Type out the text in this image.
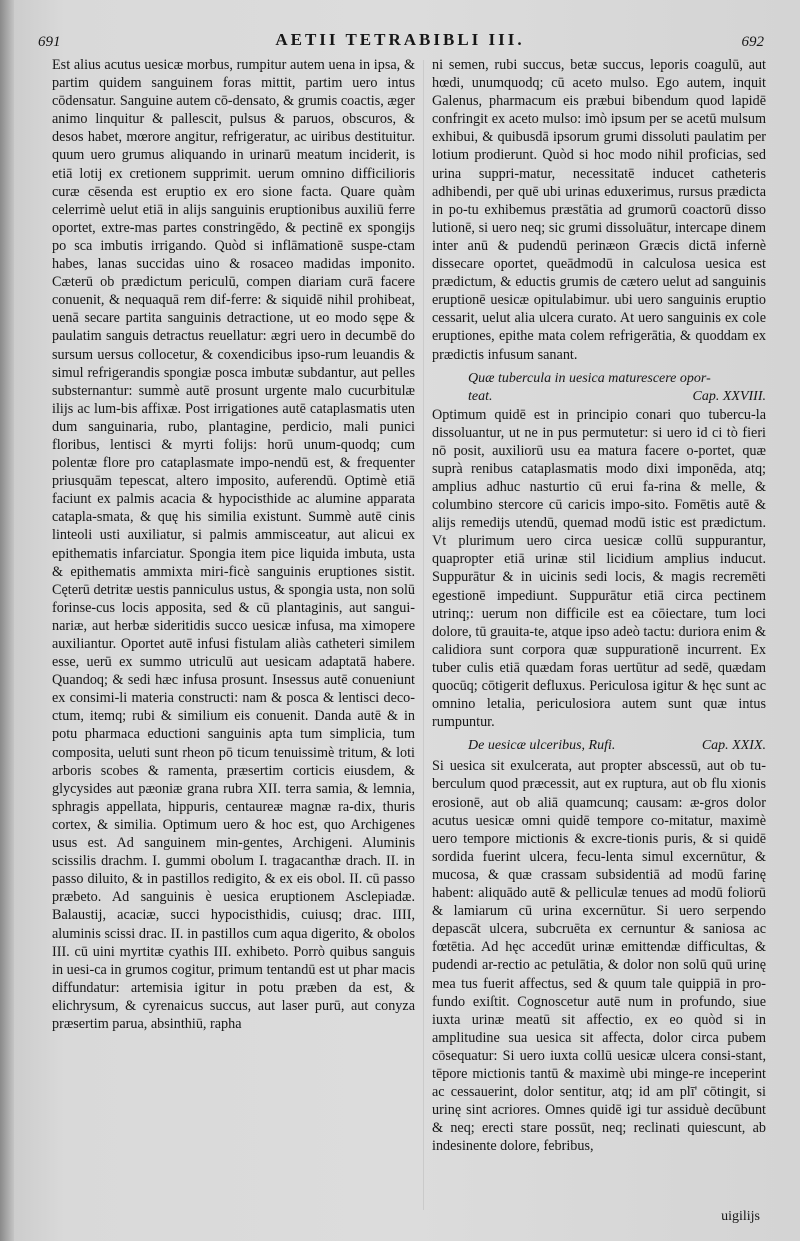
691	AETII TETRABIBLI III.	692

Est alius acutus uesicæ morbus, rumpitur autem uena in ipsa, & partim quidem sanguinem foras mittit, partim uero intus cōdensatur. Sanguine autem cō-densato, & grumis coactis, æger animo linquitur & pallescit, pulsus & paruos, obscuros, & desos habet, mœrore angitur, refrigeratur, ac uiribus destituitur. quum uero grumus aliquando in urinarū meatum inciderit, is etiā lotij ex cretionem supprimit. uerum omnino difficilioris curæ cēsenda est eruptio ex ero sione facta. Quare quàm celerrimè uelut etiā in alijs sanguinis eruptionibus auxiliū ferre oportet, extre-mas partes constringēdo, & pectinē ex spongijs po sca imbutis irrigando. Quòd si inflāmationē suspe-ctam habes, lanas succidas uino & rosaceo madidas imponito. Cæterū ob prædictum periculū, compen diariam curā facere conuenit, & nequaquā rem dif-ferre: & siquidē nihil prohibeat, uenā secare partita sanguinis detractione, ut eo modo sępe & paulatim sanguis detractus reuellatur: ægri uero in decumbē do sursum uersus collocetur, & coxendicibus ipso-rum leuandis & simul refrigerandis spongiæ posca imbutæ subdantur, aut pelles substernantur: summè autē prosunt urgente malo cucurbitulæ ilijs ac lum-bis affixæ. Post irrigationes autē cataplasmatis uten dum sanguinaria, rubo, plantagine, perdicio, mali punici floribus, lentisci & myrti folijs: horū unum-quodq; cum polentæ flore pro cataplasmate impo-nendū est, & frequenter priusquām tepescat, altero imposito, auferendū. Optimè etiā faciunt ex palmis acacia & hypocisthide ac alumine apparata catapla-smata, & quę his similia existunt. Summè autē cinis linteoli usti auxiliatur, si palmis ammisceatur, aut alicui ex epithematis infarciatur. Spongia item pice liquida imbuta, usta & epithematis ammixta miri-ficè sanguinis eruptiones sistit. Cęterū detritæ uestis panniculus ustus, & spongia usta, non solū forinse-cus locis apposita, sed & cū plantaginis, aut sangui-nariæ, aut herbæ sideritidis succo uesicæ infusa, ma ximopere auxiliantur. Oportet autē infusi fistulam aliàs catheteri similem esse, uerū ex summo utriculū aut uesicam adaptatā habere. Quandoq; & sedi hæc infusa prosunt. Insessus autē conueniunt ex consimi-li materia constructi: nam & posca & lentisci deco-ctum, itemq; rubi & similium eis conuenit. Danda autē & in potu pharmaca eductioni sanguinis apta tum simplicia, tum composita, ueluti sunt rheon pō ticum tenuissimè tritum, & loti arboris scobes & ramenta, præsertim corticis eiusdem, & glycysides aut pæoniæ grana rubra XII. terra samia, & lemnia, sphragis appellata, hippuris, centaureæ magnæ ra-dix, thuris cortex, & similia. Optimum uero & hoc est, quo Archigenes usus est. Ad sanguinem min-gentes, Archigeni. Aluminis scissilis drachm. I. gummi obolum I. tragacanthæ drach. II. in passo diluito, & in pastillos redigito, & ex eis obol. II. cū passo præbeto. Ad sanguinis è uesica eruptionem Asclepiadæ. Balaustij, acaciæ, succi hypocisthidis, cuiusq; drac. IIII, aluminis scissi drac. II. in pastillos cum aqua digerito, & obolos III. cū uini myrtitæ cyathis III. exhibeto. Porrò quibus sanguis in uesi-ca in grumos cogitur, primum tentandū est ut phar macis diffundatur: artemisia igitur in potu præben da est, & elichrysum, & cyrenaicus succus, aut laser purū, aut conyza præsertim parua, absinthiū, rapha

ni semen, rubi succus, betæ succus, leporis coagulū, aut hœdi, unumquodq; cū aceto mulso. Ego autem, inquit Galenus, pharmacum eis præbui bibendum quod lapidē confringit ex aceto mulso: imò ipsum per se acetū mulsum exhibui, & quibusdā ipsorum grumi dissoluti paulatim per lotium prodierunt. Quòd si hoc modo nihil proficias, sed urina suppri-matur, necessitatē inducet catheteris adhibendi, per quē ubi urinas eduxerimus, rursus prædicta in po-tu exhibemus præstātia ad grumorū coactorū disso lutionē, si uero neq; sic grumi dissoluātur, intercape dinem inter anū & pudendū perinæon Græcis dictā infernè dissecare oportet, queādmodū in calculosa uesica est prædictum, & eductis grumis de cætero uelut ad sanguinis eruptionē uesicæ opitulabimur. ubi uero sanguinis eruptio cessarit, uelut alia ulcera curato. At uero sanguinis ex cole eruptiones, epithe mata colem refrigerātia, & quoddam ex prædictis infusum sanant.

Quæ tubercula in uesica maturescere opor-
teat.	Cap. XXVIII.

Optimum quidē est in principio conari quo tubercu-la dissoluantur, ut ne in pus permutetur: si uero id ci tò fieri nō posit, auxiliorū usu ea matura facere o-portet, quæ suprà renibus cataplasmatis modo dixi imponēda, atq; amplius adhuc nasturtio cū erui fa-rina & melle, & columbino stercore cū caricis impo-sito. Fomētis autē & alijs remedijs utendū, quemad modū istic est prædictum. Vt plurimum uero circa uesicæ collū suppurantur, quapropter etiā urinæ stil licidium amplius inducut. Suppurātur & in uicinis sedi locis, & magis recremēti egestionē impediunt. Suppurātur etiā circa pectinem utrinq;: uerum non difficile est ea cōiectare, tum loci dolore, tū grauita-te, atque ipso adeò tactu: duriora enim & calidiora sunt corpora quæ suppurationē incurrent. Ex tuber culis etiā quædam foras uertūtur ad sedē, quædam quocūq; cōtigerit defluxus. Periculosa igitur & hęc sunt ac omnino letalia, periculosiora autem sunt quæ intus rumpuntur.

De uesicæ ulceribus, Rufi.	Cap. XXIX.

Si uesica sit exulcerata, aut propter abscessū, aut ob tu-berculum quod præcessit, aut ex ruptura, aut ob flu xionis erosionē, aut ob aliā quamcunq; causam: æ-gros dolor acutus uesicæ omni quidē tempore co-mitatur, maximè uero tempore mictionis & excre-tionis puris, & si quidē sordida fuerint ulcera, fecu-lenta simul excernūtur, & mucosa, & quæ crassam subsidentiā ad modū farinę habent: aliquādo autē & pelliculæ tenues ad modū foliorū & lamiarum cū urina excernūtur. Si uero serpendo depascāt ulcera, subcruēta ex cernuntur & saniosa ac fœtētia. Ad hęc accedūt urinæ emittendæ difficultas, & pudendi ar-rectio ac petulātia, & dolor non solū quū urinę mea tus fuerit affectus, sed & quum tale quippiā in pro-fundo exiſtit. Cognoscetur autē num in profundo, siue iuxta urinæ meatū sit affectio, ex eo quòd si in amplitudine sua uesica sit affecta, dolor circa pubem cōsequatur: Si uero iuxta collū uesicæ ulcera consi-stant, tēpore mictionis tantū & maximè ubi minge-re inceperint ac cessauerint, dolor sentitur, atq; id am plī' cōtingit, si urinę sint acriores. Omnes quidē igi tur assiduè decūbunt & neq; erecti stare possūt, neq; reclinati quiescunt, ab indesinente dolore, febribus,

uigilijs
